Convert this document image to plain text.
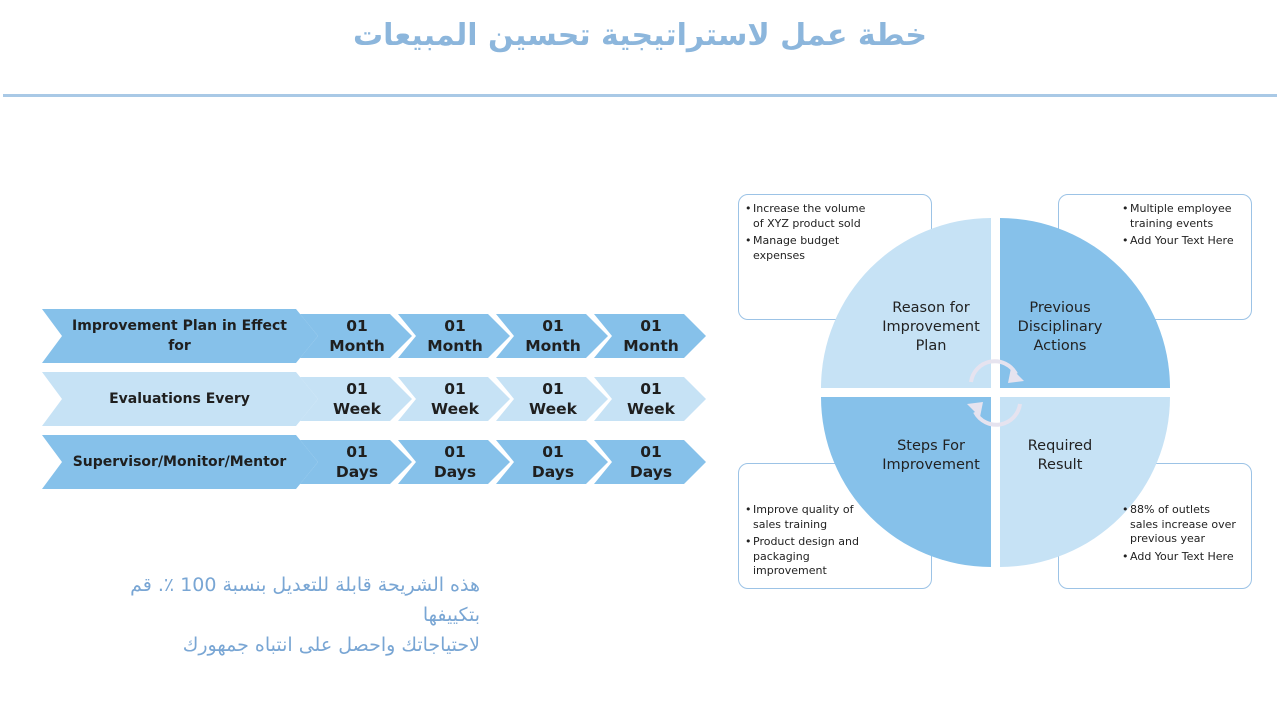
خطة عمل لاستراتيجية تحسين المبيعات
Improvement Plan in Effect
for
01
Month
01
Month
01
Month
01
Month
Evaluations Every
01
Week
01
Week
01
Week
01
Week
Supervisor/Monitor/Mentor
01
Days
01
Days
01
Days
01
Days
Reason for
Improvement
Plan
Previous
Disciplinary
Actions
Steps For
Improvement
Required
Result
• Increase the volume
of XYZ product sold
• Manage budget
expenses
• Multiple employee
training events
• Add Your Text Here
• Improve quality of
sales training
• Product design and
packaging
improvement
• 88% of outlets
sales increase over
previous year
• Add Your Text Here
هذه الشريحة قابلة للتعديل بنسبة 100 ٪. قم بتكييفها
لاحتياجاتك واحصل على انتباه جمهورك
